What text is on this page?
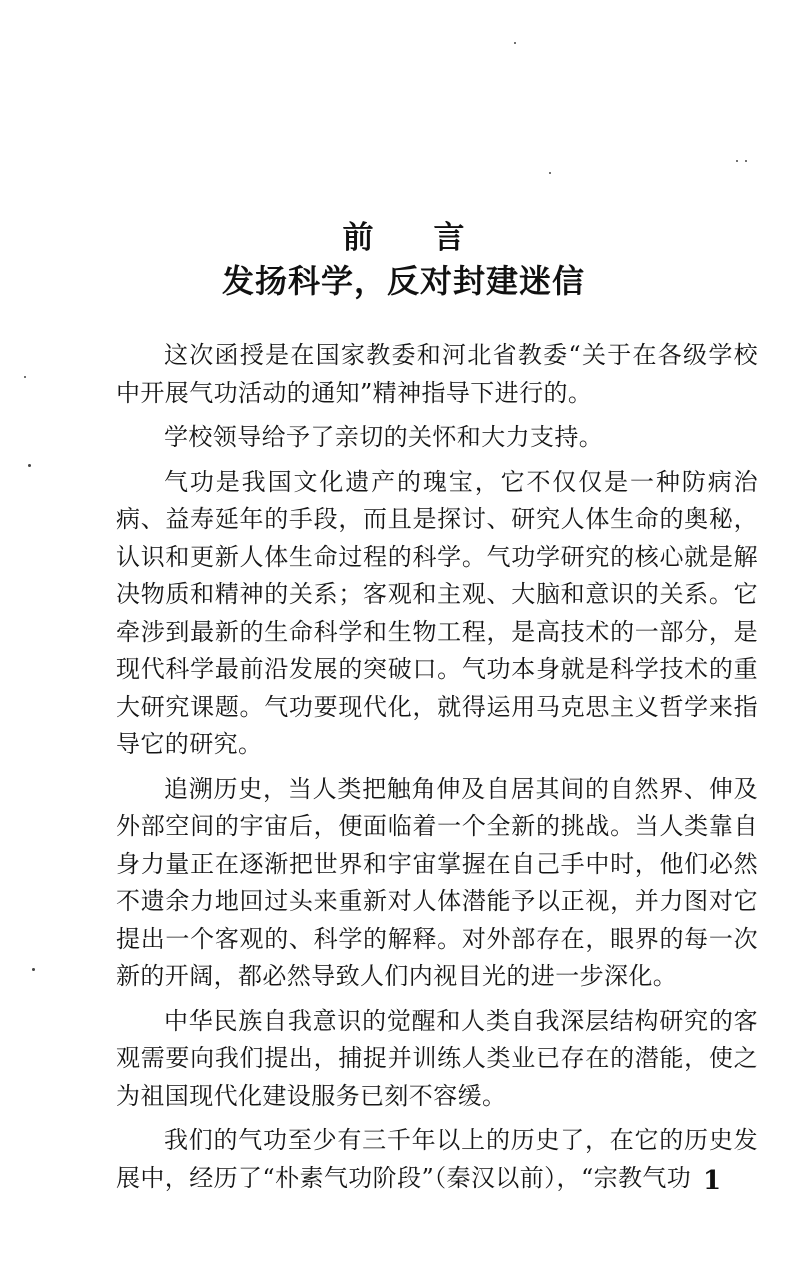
前言
发扬科学，反对封建迷信

这次函授是在国家教委和河北省教委“关于在各级学校中开展气功活动的通知”精神指导下进行的。

学校领导给予了亲切的关怀和大力支持。

气功是我国文化遗产的瑰宝，它不仅仅是一种防病治病、益寿延年的手段，而且是探讨、研究人体生命的奥秘，认识和更新人体生命过程的科学。气功学研究的核心就是解决物质和精神的关系；客观和主观、大脑和意识的关系。它牵涉到最新的生命科学和生物工程，是高技术的一部分，是现代科学最前沿发展的突破口。气功本身就是科学技术的重大研究课题。气功要现代化，就得运用马克思主义哲学来指导它的研究。

追溯历史，当人类把触角伸及自居其间的自然界、伸及外部空间的宇宙后，便面临着一个全新的挑战。当人类靠自身力量正在逐渐把世界和宇宙掌握在自己手中时，他们必然不遗余力地回过头来重新对人体潜能予以正视，并力图对它提出一个客观的、科学的解释。对外部存在，眼界的每一次新的开阔，都必然导致人们内视目光的进一步深化。

中华民族自我意识的觉醒和人类自我深层结构研究的客观需要向我们提出，捕捉并训练人类业已存在的潜能，使之为祖国现代化建设服务已刻不容缓。

我们的气功至少有三千年以上的历史了，在它的历史发展中，经历了“朴素气功阶段”（秦汉以前），“宗教气功 1
